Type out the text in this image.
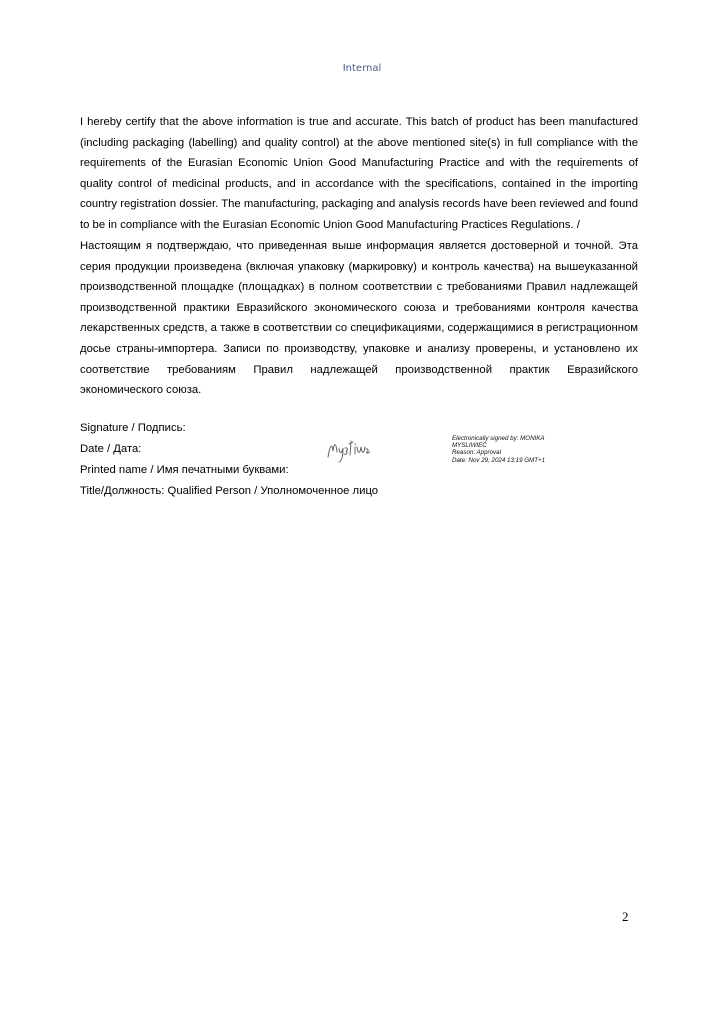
Internal
I hereby certify that the above information is true and accurate. This batch of product has been manufactured (including packaging (labelling) and quality control) at the above mentioned site(s) in full compliance with the requirements of the Eurasian Economic Union Good Manufacturing Practice and with the requirements of quality control of medicinal products, and in accordance with the specifications, contained in the importing country registration dossier. The manufacturing, packaging and analysis records have been reviewed and found to be in compliance with the Eurasian Economic Union Good Manufacturing Practices Regulations. /
Настоящим я подтверждаю, что приведенная выше информация является достоверной и точной. Эта серия продукции произведена (включая упаковку (маркировку) и контроль качества) на вышеуказанной производственной площадке (площадках) в полном соответствии с требованиями Правил надлежащей производственной практики Евразийского экономического союза и требованиями контроля качества лекарственных средств, а также в соответствии со спецификациями, содержащимися в регистрационном досье страны-импортера. Записи по производству, упаковке и анализу проверены, и установлено их соответствие требованиям Правил надлежащей производственной практик Евразийского экономического союза.
Signature / Подпись:
Date / Дата:
Printed name / Имя печатными буквами:
Title/Должность: Qualified Person / Уполномоченное лицо
Electronically signed by: MONIKA
MYSLIWIEC
Reason: Approval
Date: Nov 29, 2024 13:19 GMT+1
2
